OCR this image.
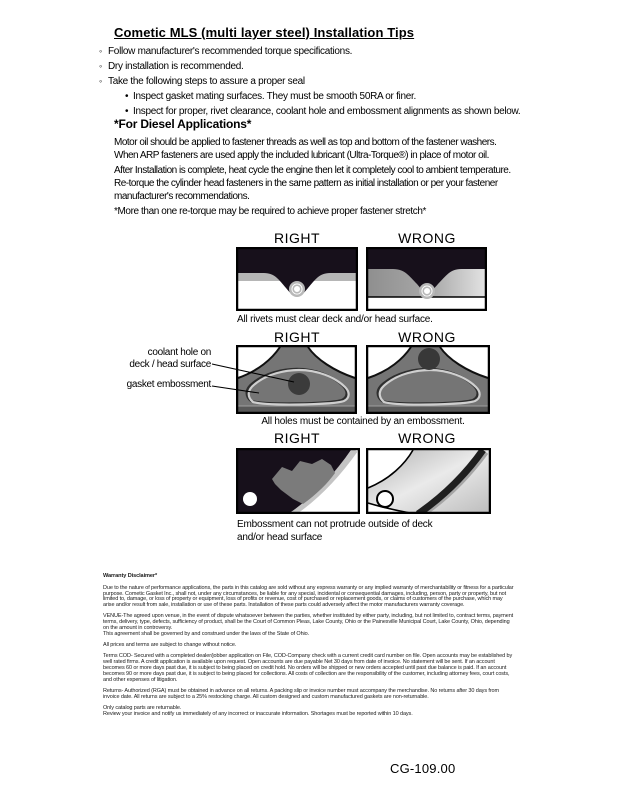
Cometic MLS (multi layer steel) Installation Tips
◦ Follow manufacturer's recommended torque specifications.
◦ Dry installation is recommended.
◦ Take the following steps to assure a proper seal
• Inspect gasket mating surfaces. They must be smooth 50RA or finer.
• Inspect for proper, rivet clearance, coolant hole and embossment alignments as shown below.
*For Diesel Applications*
Motor oil should be applied to fastener threads as well as top and bottom of the fastener washers. When ARP fasteners are used apply the included lubricant (Ultra-Torque®) in place of motor oil.
After Installation is complete, heat cycle the engine then let it completely cool to ambient temperature. Re-torque the cylinder head fasteners in the same pattern as initial installation or per your fastener manufacturer's recommendations.
*More than one re-torque may be required to achieve proper fastener stretch*
RIGHT	WRONG
All rivets must clear deck and/or head surface.
RIGHT	WRONG
coolant hole on
deck / head surface
gasket embossment
All holes must be contained by an embossment.
RIGHT	WRONG
Embossment can not protrude outside of deck
and/or head surface
Warranty Disclaimer*
Due to the nature of performance applications, the parts in this catalog are sold without any express warranty or any implied warranty of merchantability or fitness for a particular purpose. Cometic Gasket Inc., shall not, under any circumstances, be liable for any special, incidental or consequential damages, including, person, party or property, but not limited to, damage, or loss of property or equipment, loss of profits or revenue, cost of purchased or replacement goods, or claims of customers of the purchase, which may arise and/or result from sale, installation or use of these parts. Installation of these parts could adversely affect the motor manufacturers warranty coverage.
VENUE-The agreed upon venue, in the event of dispute whatsoever between the parties, whether instituted by either party, including, but not limited to, contract terms, payment terms, delivery, type, defects, sufficiency of product, shall be the Court of Common Pleas, Lake County, Ohio or the Painesville Municipal Court, Lake County, Ohio, depending on the amount in controversy.
This agreement shall be governed by and construed under the laws of the State of Ohio.
All prices and terms are subject to change without notice.
Terms COD- Secured with a completed dealer/jobber application on File, COD-Company check with a current credit card number on file. Open accounts may be established by well rated firms. A credit application is available upon request. Open accounts are due payable Net 30 days from date of invoice. No statement will be sent. If an account becomes 60 or more days past due, it is subject to being placed on credit hold. No orders will be shipped or new orders accepted until past due balance is paid. If an account becomes 90 or more days past due, it is subject to being placed for collections. All costs of collection are the responsibility of the customer, including attorney fees, court costs, and other expenses of litigation.
Returns- Authorized (RGA) must be obtained in advance on all returns. A packing slip or invoice number must accompany the merchandise. No returns after 30 days from invoice date. All returns are subject to a 25% restocking charge. All custom designed and custom manufactured gaskets are non-returnable.
Only catalog parts are returnable.
Review your invoice and notify us immediately of any incorrect or inaccurate information. Shortages must be reported within 10 days.
CG-109.00
